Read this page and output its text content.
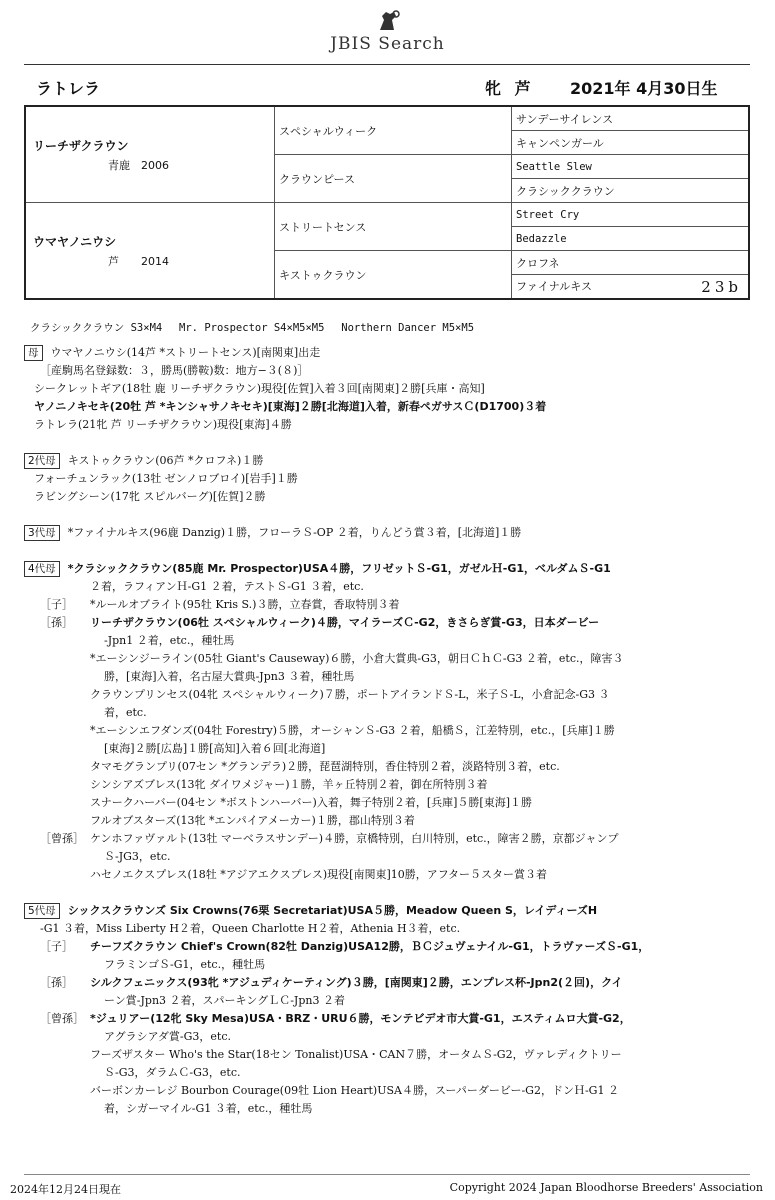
JBIS Search
ラトレラ	牝 芦 2021年 4月30日生
リーチザクラウン
青鹿　2006	スペシャルウィーク	サンデーサイレンス
		キャンペンガール
	クラウンピース	Seattle Slew
		クラシッククラウン

ウマヤノニウシ
芦　　2014	ストリートセンス	Street Cry
		Bedazzle
	キストゥクラウン	クロフネ
		ファイナルキス 23b
クラシッククラウン S3×M4　 Mr. Prospector S4×M5×M5　 Northern Dancer M5×M5
母 ウマヤノニウシ(14芦 *ストリートセンス)[南関東]出走
［産駒馬名登録数：３，勝馬(勝鞍)数：地方−３(８)］
シークレットギア(18牡 鹿 リーチザクラウン)現役[佐賀]入着３回[南関東]２勝[兵庫・高知]
ヤノニノキセキ(20牡 芦 *キンシャサノキセキ)[東海]２勝[北海道]入着，新春ペガサスＣ(D1700)３着
ラトレラ(21牝 芦 リーチザクラウン)現役[東海]４勝
2代母 キストゥクラウン(06芦 *クロフネ)１勝
フォーチュンラック(13牡 ゼンノロブロイ)[岩手]１勝
ラビングシーン(17牝 スピルバーグ)[佐賀]２勝
3代母 *ファイナルキス(96鹿 Danzig)１勝，フローラＳ-OP ２着，りんどう賞３着，[北海道]１勝
4代母 *クラシッククラウン(85鹿 Mr. Prospector)USA４勝，フリゼットＳ-G1，ガゼルＨ-G1，ベルダムＳ-G1
２着，ラフィアンＨ-G1 ２着，テストＳ-G1 ３着，etc.
［子］ *ルールオブライト(95牡 Kris S.)３勝，立春賞，香取特別３着
［孫］ リーチザクラウン(06牡 スペシャルウィーク)４勝，マイラーズＣ-G2，きさらぎ賞-G3，日本ダービー
-Jpn1 ２着，etc.，種牡馬
*エーシンジーライン(05牡 Giant's Causeway)６勝，小倉大賞典-G3，朝日ＣｈＣ-G3 ２着，etc.，障害３
勝，[東海]入着，名古屋大賞典-Jpn3 ３着，種牡馬
クラウンプリンセス(04牝 スペシャルウィーク)７勝，ポートアイランドＳ-L，米子Ｓ-L，小倉記念-G3 ３
着，etc.
*エーシンエフダンズ(04牡 Forestry)５勝，オーシャンＳ-G3 ２着，船橋Ｓ，江差特別，etc.，[兵庫]１勝
[東海]２勝[広島]１勝[高知]入着６回[北海道]
タマモグランプリ(07セン *グランデラ)２勝，琵琶湖特別，香住特別２着，淡路特別３着，etc.
シンシアズブレス(13牝 ダイワメジャー)１勝，羊ヶ丘特別２着，御在所特別３着
スナークハーバー(04セン *ボストンハーバー)入着，舞子特別２着，[兵庫]５勝[東海]１勝
フルオブスターズ(13牝 *エンパイアメーカー)１勝，郡山特別３着
［曾孫］ ケンホファヴァルト(13牡 マーベラスサンデー)４勝，京橋特別，白川特別，etc.，障害２勝，京都ジャンプ
Ｓ-JG3，etc.
ハセノエクスプレス(18牡 *アジアエクスプレス)現役[南関東]10勝，アフター５スター賞３着
5代母 シックスクラウンズ Six Crowns(76栗 Secretariat)USA５勝，Meadow Queen S，レイディーズH
-G1 ３着，Miss Liberty H２着，Queen Charlotte H２着，Athenia H３着，etc.
［子］ チーフズクラウン Chief's Crown(82牡 Danzig)USA12勝，ＢＣジュヴェナイル-G1，トラヴァーズＳ-G1，
フラミンゴＳ-G1，etc.，種牡馬
［孫］ シルクフェニックス(93牝 *アジュディケーティング)３勝，[南関東]２勝，エンプレス杯-Jpn2(２回)，クイ
ーン賞-Jpn3 ２着，スパーキングＬＣ-Jpn3 ２着
［曾孫］ *ジュリアー(12牝 Sky Mesa)USA・BRZ・URU６勝，モンテビデオ市大賞-G1，エスティムロ大賞-G2，
アグラシアダ賞-G3，etc.
フーズザスター Who's the Star(18セン Tonalist)USA・CAN７勝，オータムＳ-G2，ヴァレディクトリー
Ｓ-G3，ダラムＣ-G3，etc.
バーボンカーレジ Bourbon Courage(09牡 Lion Heart)USA４勝，スーパーダービー-G2，ドンＨ-G1 ２
着，シガーマイル-G1 ３着，etc.，種牡馬
2024年12月24日現在	Copyright 2024 Japan Bloodhorse Breeders' Association
